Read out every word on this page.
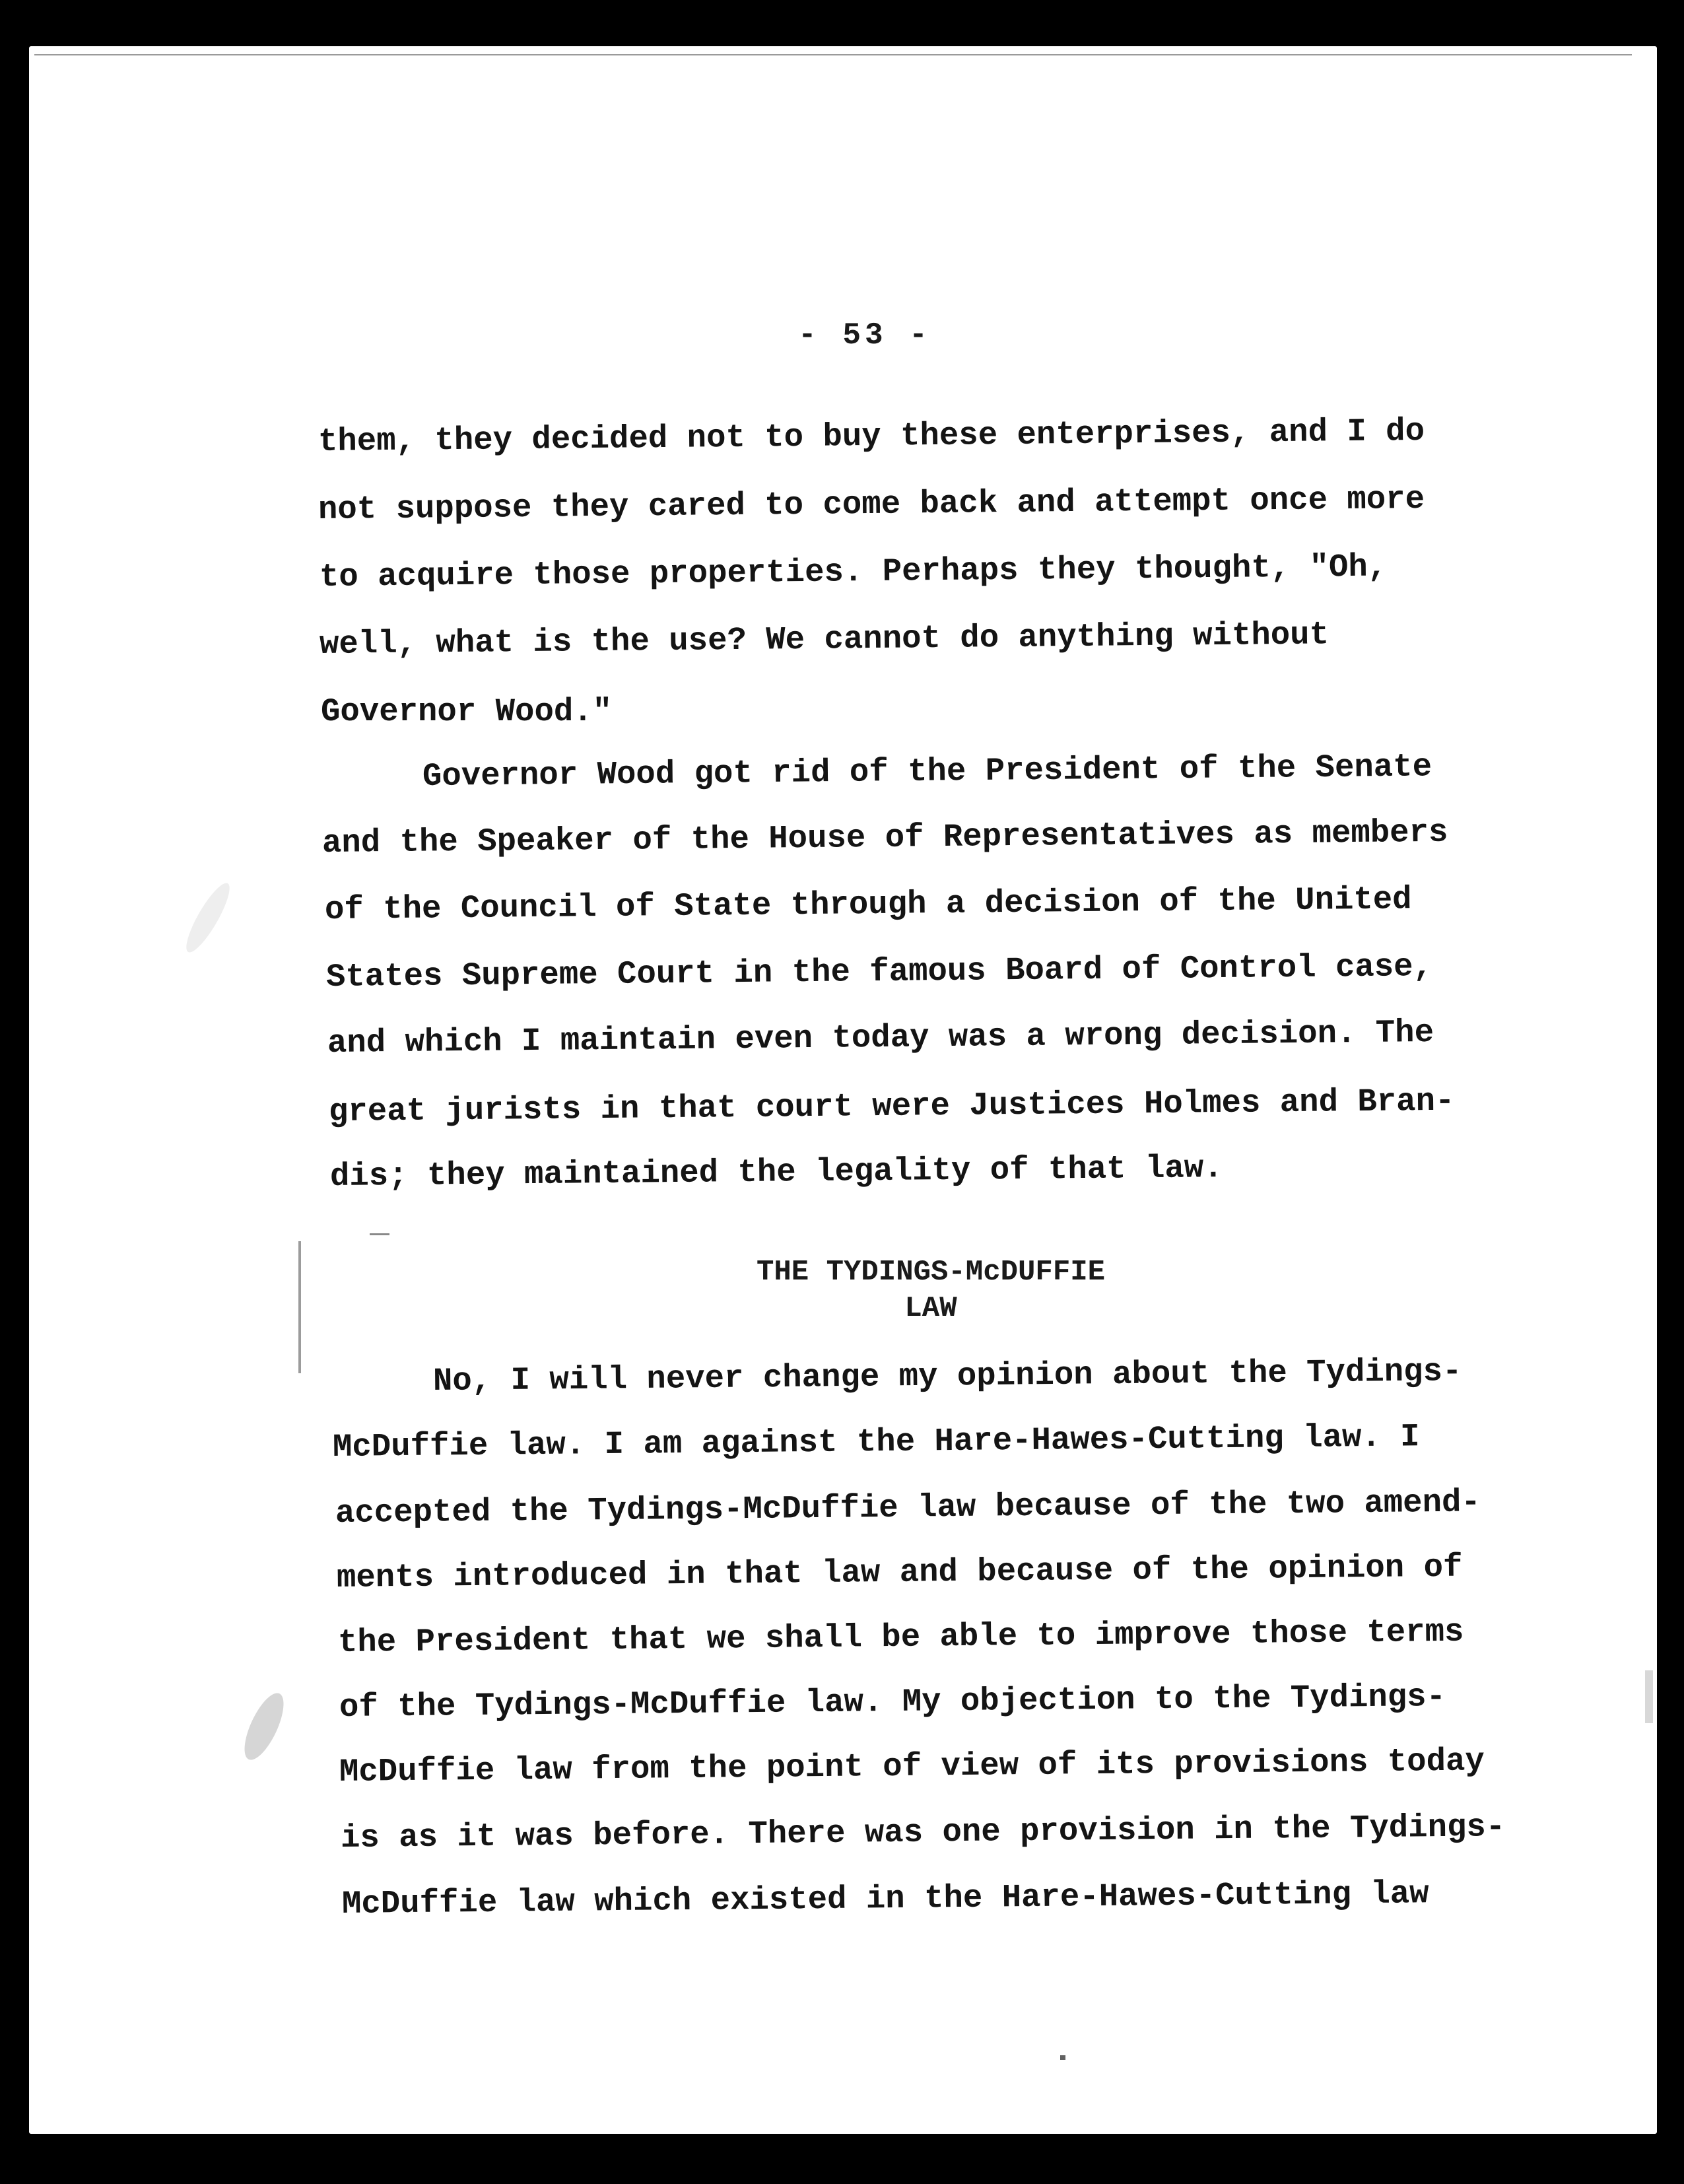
- 53 -
them, they decided not to buy these enterprises, and I do
not suppose they cared to come back and attempt once more
to acquire those properties. Perhaps they thought, "Oh,
well, what is the use? We cannot do anything without
Governor Wood."
Governor Wood got rid of the President of the Senate
and the Speaker of the House of Representatives as members
of the Council of State through a decision of the United
States Supreme Court in the famous Board of Control case,
and which I maintain even today was a wrong decision. The
great jurists in that court were Justices Holmes and Bran-
dis; they maintained the legality of that law.
THE TYDINGS-McDUFFIE
LAW
No, I will never change my opinion about the Tydings-
McDuffie law. I am against the Hare-Hawes-Cutting law. I
accepted the Tydings-McDuffie law because of the two amend-
ments introduced in that law and because of the opinion of
the President that we shall be able to improve those terms
of the Tydings-McDuffie law. My objection to the Tydings-
McDuffie law from the point of view of its provisions today
is as it was before. There was one provision in the Tydings-
McDuffie law which existed in the Hare-Hawes-Cutting law
